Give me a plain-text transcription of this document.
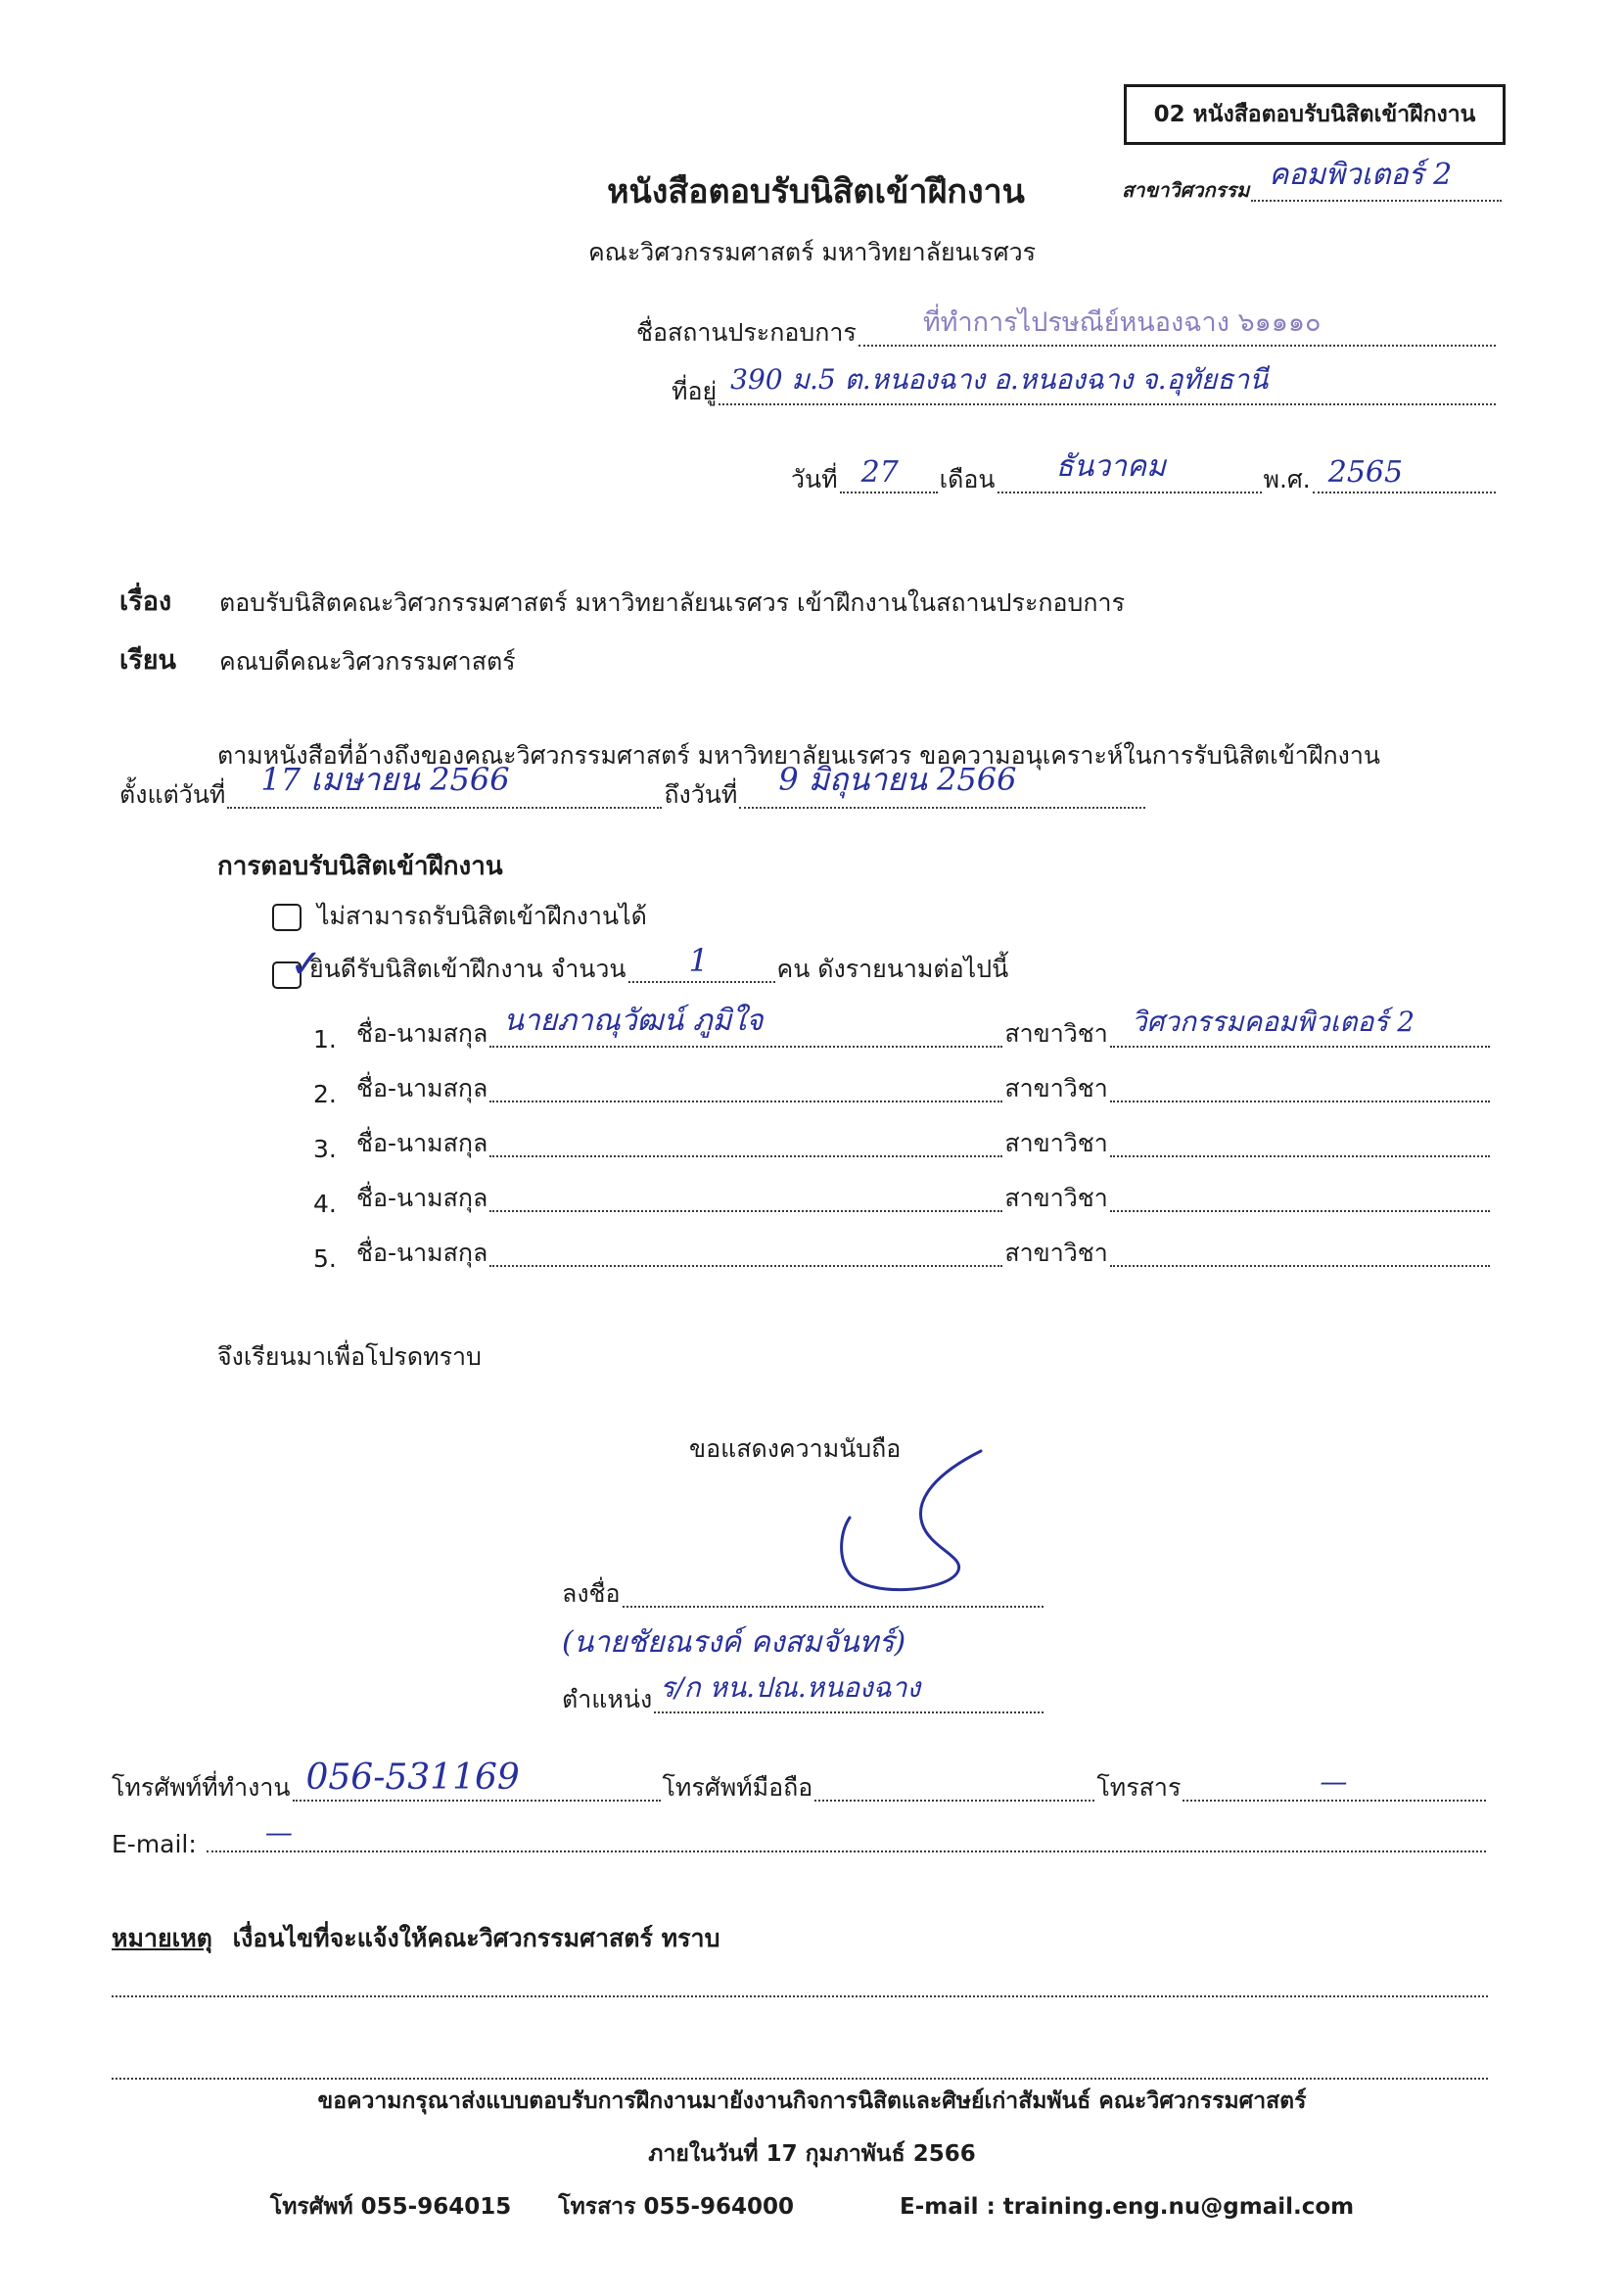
02 หนังสือตอบรับนิสิตเข้าฝึกงาน
หนังสือตอบรับนิสิตเข้าฝึกงาน	สาขาวิศวกรรม คอมพิวเตอร์ 2
คณะวิศวกรรมศาสตร์ มหาวิทยาลัยนเรศวร
ชื่อสถานประกอบการ	ที่ทำการไปรษณีย์หนองฉาง ๖๑๑๑๐
ที่อยู่ 390 ม.5 ต.หนองฉาง อ.หนองฉาง จ.อุทัยธานี
วันที่ 27 เดือน ธันวาคม	พ.ศ. 2565
เรื่อง ตอบรับนิสิตคณะวิศวกรรมศาสตร์ มหาวิทยาลัยนเรศวร เข้าฝึกงานในสถานประกอบการ
เรียน คณบดีคณะวิศวกรรมศาสตร์
ตามหนังสือที่อ้างถึงของคณะวิศวกรรมศาสตร์ มหาวิทยาลัยนเรศวร ขอความอนุเคราะห์ในการรับนิสิตเข้าฝึกงาน
ตั้งแต่วันที่ 17 เมษายน 2566	ถึงวันที่ 9 มิถุนายน 2566
การตอบรับนิสิตเข้าฝึกงาน
ไม่สามารถรับนิสิตเข้าฝึกงานได้
✓
ยินดีรับนิสิตเข้าฝึกงาน จำนวน 1	คน ดังรายนามต่อไปนี้
1. ชื่อ-นามสกุล นายภาณุวัฒน์ ภูมิใจ	สาขาวิชา วิศวกรรมคอมพิวเตอร์ 2
2. ชื่อ-นามสกุล	สาขาวิชา
3. ชื่อ-นามสกุล	สาขาวิชา
4. ชื่อ-นามสกุล	สาขาวิชา
5. ชื่อ-นามสกุล	สาขาวิชา
จึงเรียนมาเพื่อโปรดทราบ
ขอแสดงความนับถือ
ลงชื่อ
(นายชัยณรงค์ คงสมจันทร์)
ตำแหน่ง ร/ก หน.ปณ.หนองฉาง
โทรศัพท์ที่ทำงาน 056-531169	โทรศัพท์มือถือ	โทรสาร	—
E-mail:	—
หมายเหตุ เงื่อนไขที่จะแจ้งให้คณะวิศวกรรมศาสตร์ ทราบ
ขอความกรุณาส่งแบบตอบรับการฝึกงานมายังงานกิจการนิสิตและศิษย์เก่าสัมพันธ์ คณะวิศวกรรมศาสตร์
ภายในวันที่ 17 กุมภาพันธ์ 2566
โทรศัพท์ 055-964015 โทรสาร 055-964000	E-mail : training.eng.nu@gmail.com
